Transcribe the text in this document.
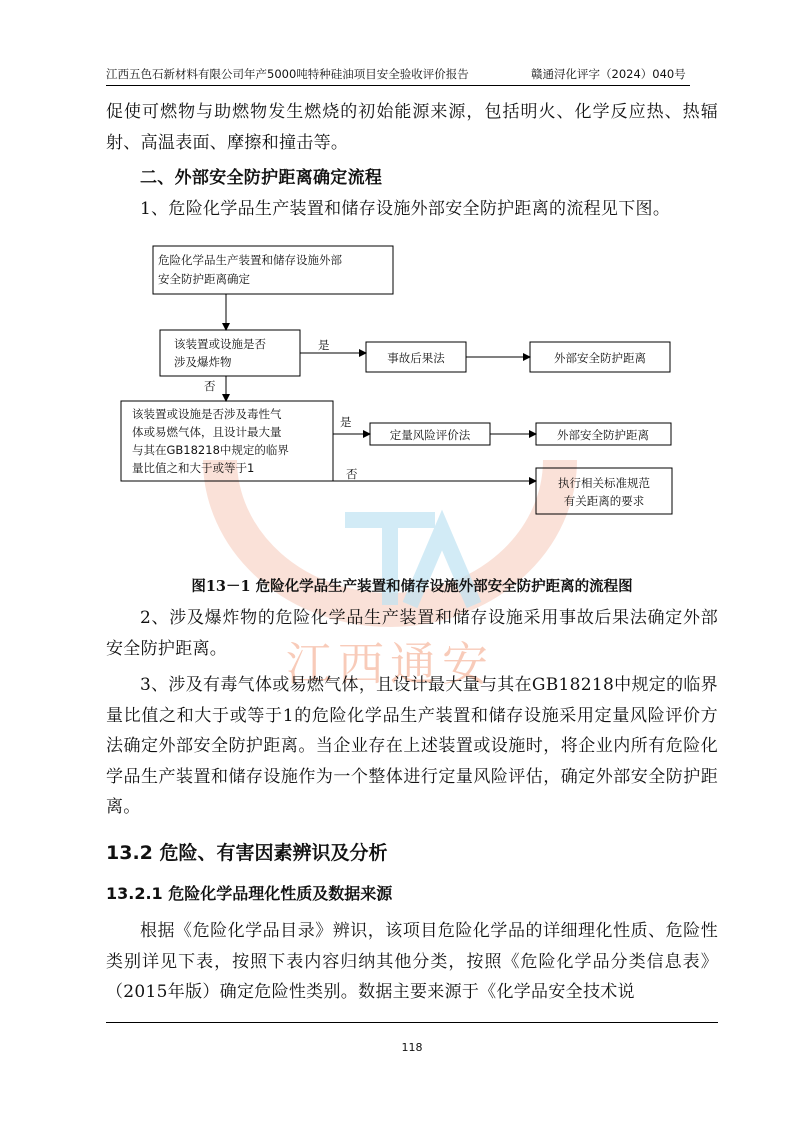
江西五色石新材料有限公司年产5000吨特种硅油项目安全验收评价报告	赣通浔化评字（2024）040号
江西通安

促使可燃物与助燃物发生燃烧的初始能源来源，包括明火、化学反应热、热辐射、高温表面、摩擦和撞击等。

二、外部安全防护距离确定流程

1、危险化学品生产装置和储存设施外部安全防护距离的流程见下图。

危险化学品生产装置和储存设施外部
安全防护距离确定
该装置或设施是否
涉及爆炸物
该装置或设施是否涉及毒性气
体或易燃气体，且设计最大量
与其在GB18218中规定的临界
量比值之和大于或等于1
事故后果法	外部安全防护距离
定量风险评价法	外部安全防护距离
执行相关标准规范
有关距离的要求
是
否
是
否

图13－1 危险化学品生产装置和储存设施外部安全防护距离的流程图

2、涉及爆炸物的危险化学品生产装置和储存设施采用事故后果法确定外部安全防护距离。

3、涉及有毒气体或易燃气体，且设计最大量与其在GB18218中规定的临界量比值之和大于或等于1的危险化学品生产装置和储存设施采用定量风险评价方法确定外部安全防护距离。当企业存在上述装置或设施时，将企业内所有危险化学品生产装置和储存设施作为一个整体进行定量风险评估，确定外部安全防护距离。

13.2 危险、有害因素辨识及分析

13.2.1 危险化学品理化性质及数据来源

根据《危险化学品目录》辨识，该项目危险化学品的详细理化性质、危险性类别详见下表，按照下表内容归纳其他分类，按照《危险化学品分类信息表》（2015年版）确定危险性类别。数据主要来源于《化学品安全技术说

118
